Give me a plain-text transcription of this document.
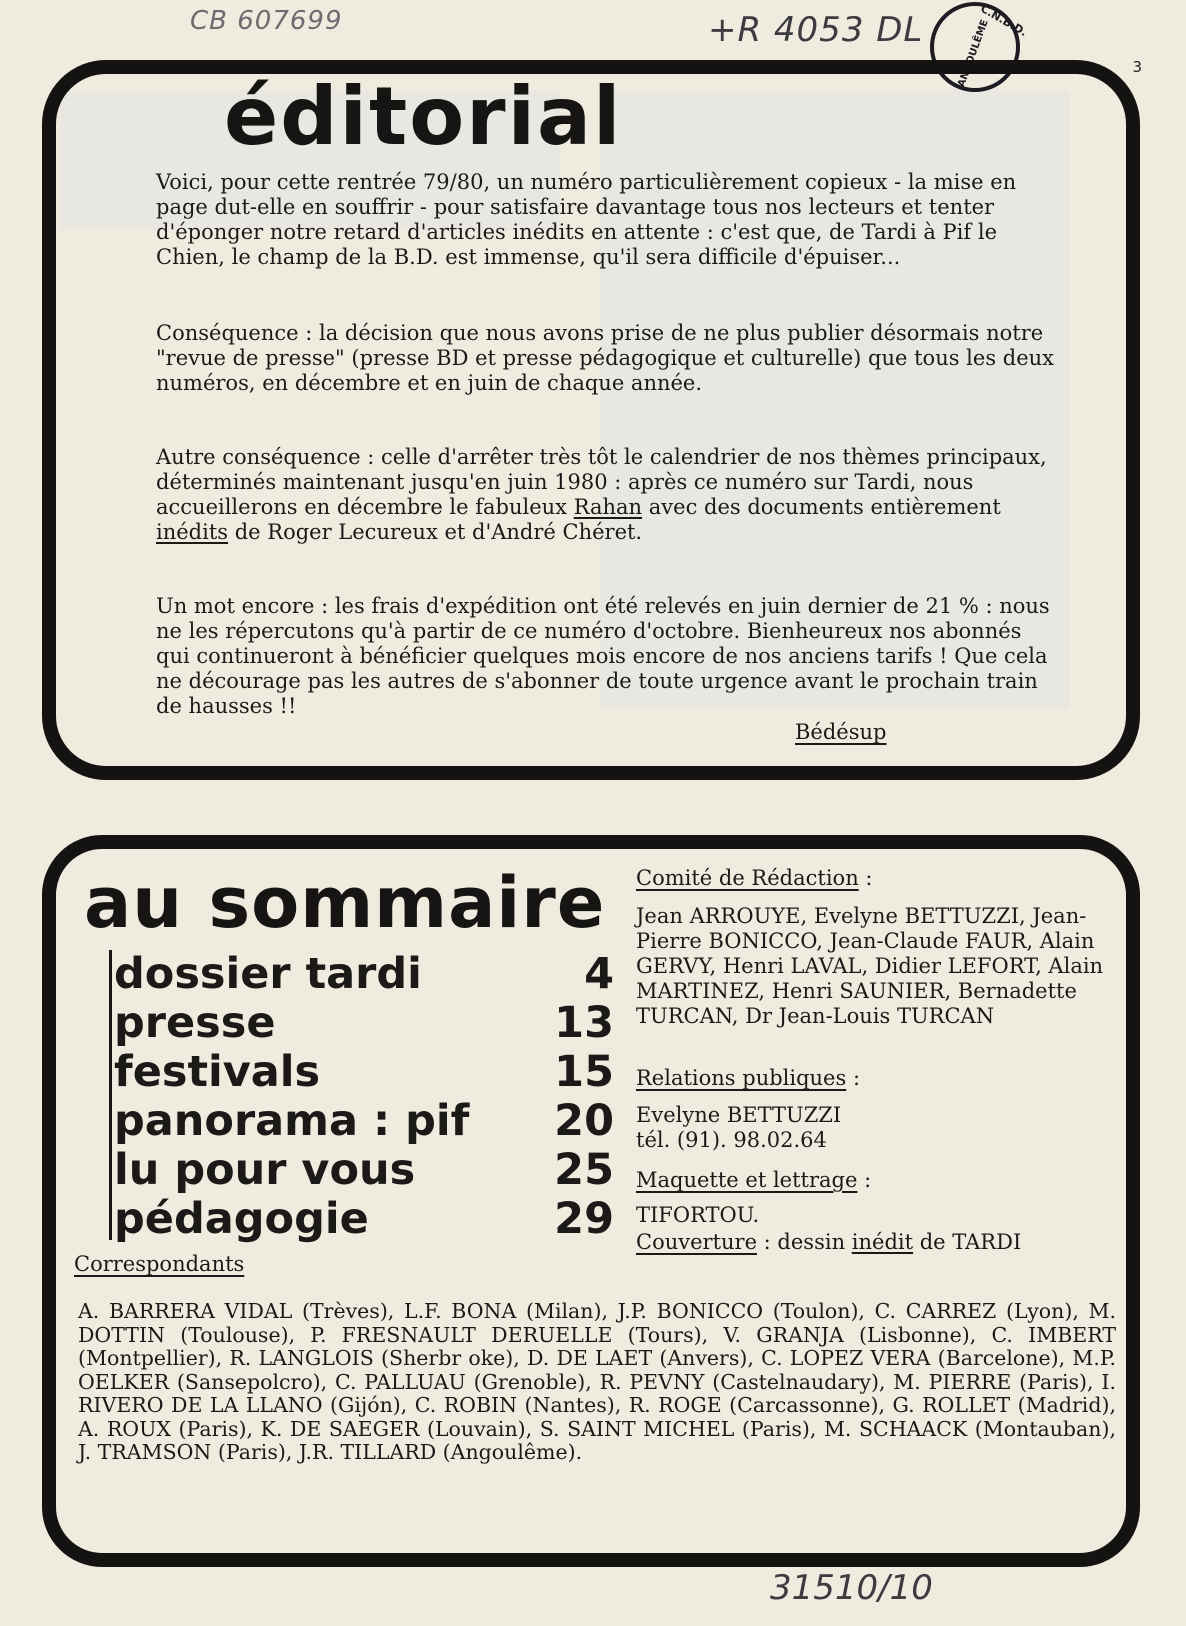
CB 607699	+R 4053 DL	C.N.B.D.
ANGOULÊME	3
éditorial

Voici, pour cette rentrée 79/80, un numéro particulièrement copieux - la mise en page dut-elle en souffrir - pour satisfaire davantage tous nos lecteurs et tenter d'éponger notre retard d'articles inédits en attente : c'est que, de Tardi à Pif le Chien, le champ de la B.D. est immense, qu'il sera difficile d'épuiser...

Conséquence : la décision que nous avons prise de ne plus publier désormais notre "revue de presse" (presse BD et presse pédagogique et culturelle) que tous les deux numéros, en décembre et en juin de chaque année.

Autre conséquence : celle d'arrêter très tôt le calendrier de nos thèmes principaux, déterminés maintenant jusqu'en juin 1980 : après ce numéro sur Tardi, nous accueillerons en décembre le fabuleux Rahan avec des documents entièrement inédits de Roger Lecureux et d'André Chéret.

Un mot encore : les frais d'expédition ont été relevés en juin dernier de 21 % : nous ne les répercutons qu'à partir de ce numéro d'octobre. Bienheureux nos abonnés qui continueront à bénéficier quelques mois encore de nos anciens tarifs ! Que cela ne décourage pas les autres de s'abonner de toute urgence avant le prochain train de hausses !!

Bédésup

au sommaire
dossier tardi	4
presse	13
festivals	15
panorama : pif 20
lu pour vous	25
pédagogie	29

Comité de Rédaction :

Jean ARROUYE, Evelyne BETTUZZI, Jean-Pierre BONICCO, Jean-Claude FAUR, Alain GERVY, Henri LAVAL, Didier LEFORT, Alain MARTINEZ, Henri SAUNIER, Bernadette TURCAN, Dr Jean-Louis TURCAN

Relations publiques :

Evelyne BETTUZZI
tél. (91). 98.02.64

Maquette et lettrage :

TIFORTOU.

Couverture : dessin inédit de TARDI

Correspondants

A. BARRERA VIDAL (Trèves), L.F. BONA (Milan), J.P. BONICCO (Toulon), C. CARREZ (Lyon), M. DOTTIN (Toulouse), P. FRESNAULT DERUELLE (Tours), V. GRANJA (Lisbonne), C. IMBERT (Montpellier), R. LANGLOIS (Sherbr oke), D. DE LAET (Anvers), C. LOPEZ VERA (Barcelone), M.P. OELKER (Sansepolcro), C. PALLUAU (Grenoble), R. PEVNY (Castelnaudary), M. PIERRE (Paris), I. RIVERO DE LA LLANO (Gijón), C. ROBIN (Nantes), R. ROGE (Carcassonne), G. ROLLET (Madrid), A. ROUX (Paris), K. DE SAEGER (Louvain), S. SAINT MICHEL (Paris), M. SCHAACK (Montauban), J. TRAMSON (Paris), J.R. TILLARD (Angoulême).

31510/10
